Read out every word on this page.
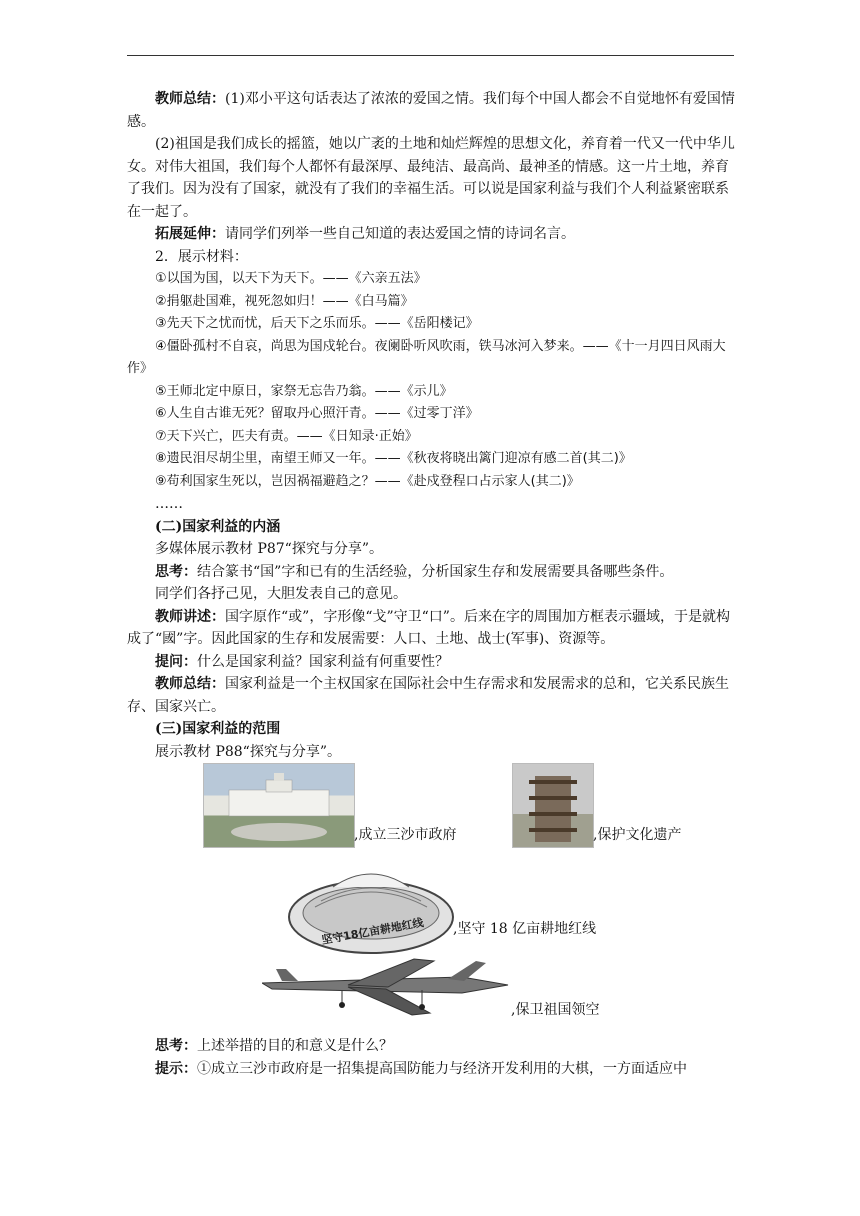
教师总结：(1)邓小平这句话表达了浓浓的爱国之情。我们每个中国人都会不自觉地怀有爱国情感。

(2)祖国是我们成长的摇篮，她以广袤的土地和灿烂辉煌的思想文化，养育着一代又一代中华儿女。对伟大祖国，我们每个人都怀有最深厚、最纯洁、最高尚、最神圣的情感。这一片土地，养育了我们。因为没有了国家，就没有了我们的幸福生活。可以说是国家利益与我们个人利益紧密联系在一起了。

拓展延伸：请同学们列举一些自己知道的表达爱国之情的诗词名言。

2．展示材料：

①以国为国，以天下为天下。——《六亲五法》

②捐躯赴国难，视死忽如归！——《白马篇》

③先天下之忧而忧，后天下之乐而乐。——《岳阳楼记》

④僵卧孤村不自哀，尚思为国戍轮台。夜阑卧听风吹雨，铁马冰河入梦来。——《十一月四日风雨大作》

⑤王师北定中原日，家祭无忘告乃翁。——《示儿》

⑥人生自古谁无死？留取丹心照汗青。——《过零丁洋》

⑦天下兴亡，匹夫有责。——《日知录·正始》

⑧遗民泪尽胡尘里，南望王师又一年。——《秋夜将晓出篱门迎凉有感二首(其二)》

⑨苟利国家生死以，岂因祸福避趋之？——《赴戍登程口占示家人(其二)》

……

(二)国家利益的内涵

多媒体展示教材 P87“探究与分享”。

思考：结合篆书“国”字和已有的生活经验，分析国家生存和发展需要具备哪些条件。

同学们各抒己见，大胆发表自己的意见。

教师讲述：国字原作“或”，字形像“戈”守卫“口”。后来在字的周围加方框表示疆域，于是就构成了“國”字。因此国家的生存和发展需要：人口、土地、战士(军事)、资源等。

提问：什么是国家利益？国家利益有何重要性？

教师总结：国家利益是一个主权国家在国际社会中生存需求和发展需求的总和，它关系民族生存、国家兴亡。

(三)国家利益的范围

展示教材 P88“探究与分享”。

,成立三沙市政府	,保护文化遗产
坚守18亿亩耕地红线 ,坚守 18 亿亩耕地红线
,保卫祖国领空

思考：上述举措的目的和意义是什么？

提示：①成立三沙市政府是一招集提高国防能力与经济开发利用的大棋，一方面适应中
